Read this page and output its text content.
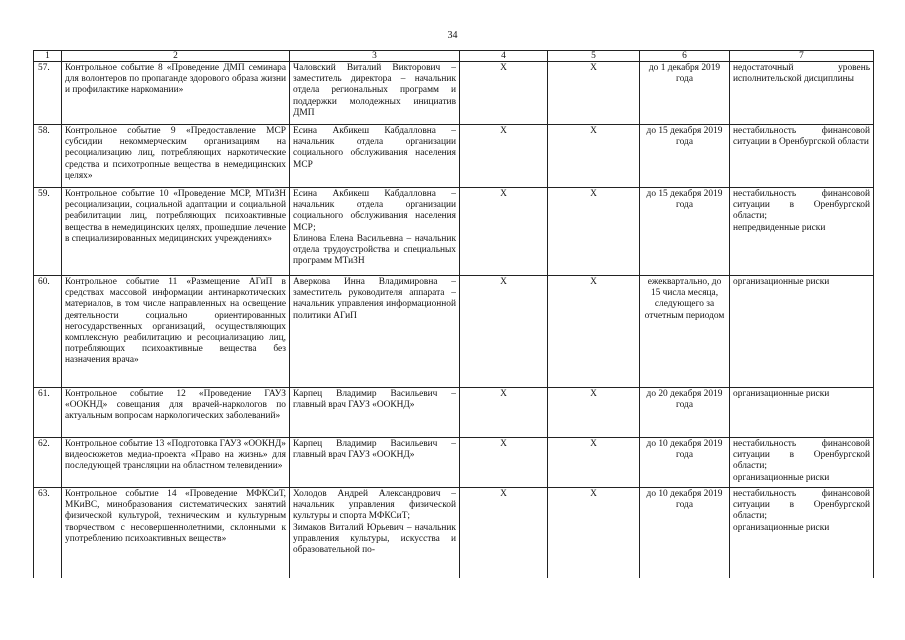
34
1	2	3	4	5	6	7
57.	Контрольное событие 8 «Проведение ДМП семинара для волонтеров по пропаганде здорового образа жизни и профилактике наркомании»	Чаловский Виталий Викторович – заместитель директора – начальник отдела региональных программ и поддержки молодежных инициатив ДМП	X	X	до 1 декабря 2019 года	недостаточный уровень исполнительской дисциплины
58.	Контрольное событие 9 «Предоставление МСР субсидии некоммерческим организациям на ресоциализацию лиц, потребляющих наркотические средства и психотропные вещества в немедицинских целях»	Есина Акбикеш Кабдалловна – начальник отдела организации социального обслуживания населения МСР	X	X	до 15 декабря 2019 года	нестабильность финансовой ситуации в Оренбургской области
59.	Контрольное событие 10 «Проведение МСР, МТиЗН ресоциализации, социальной адаптации и социальной реабилитации лиц, потребляющих психоактивные вещества в немедицинских целях, прошедшие лечение в специализированных медицинских учреждениях»	Есина Акбикеш Кабдалловна – начальник отдела организации социального обслуживания населения МСР;
Блинова Елена Васильевна – начальник отдела трудоустройства и специальных программ МТиЗН	X	X	до 15 декабря 2019 года	нестабильность финансовой ситуации в Оренбургской области;
непредвиденные риски
60.	Контрольное событие 11 «Размещение АГиП в средствах массовой информации антинаркотических материалов, в том числе направленных на освещение деятельности социально ориентированных негосударственных организаций, осуществляющих комплексную реабилитацию и ресоциализацию лиц, потребляющих психоактивные вещества без назначения врача»	Аверкова Инна Владимировна – заместитель руководителя аппарата – начальник управления информационной политики АГиП	X	X	ежеквартально, до 15 числа месяца, следующего за отчетным периодом	организационные риски
61.	Контрольное событие 12 «Проведение ГАУЗ «ООКНД» совещания для врачей-наркологов по актуальным вопросам наркологических заболеваний»	Карпец Владимир Васильевич – главный врач ГАУЗ «ООКНД»	X	X	до 20 декабря 2019 года	организационные риски
62.	Контрольное событие 13 «Подготовка ГАУЗ «ООКНД» видеосюжетов медиа-проекта «Право на жизнь» для последующей трансляции на областном телевидении»	Карпец Владимир Васильевич – главный врач ГАУЗ «ООКНД»	X	X	до 10 декабря 2019 года	нестабильность финансовой ситуации в Оренбургской области;
организационные риски
63.	Контрольное событие 14 «Проведение МФКСиТ, МКиВС, минобразования систематических занятий физической культурой, техническим и культурным творчеством с несовершеннолетними, склонными к употреблению психоактивных веществ»	Холодов Андрей Александрович – начальник управления физической культуры и спорта МФКСиТ;
Зимаков Виталий Юрьевич – начальник управления культуры, искусства и образовательной по-	X	X	до 10 декабря 2019 года	нестабильность финансовой ситуации в Оренбургской области;
организационные риски
